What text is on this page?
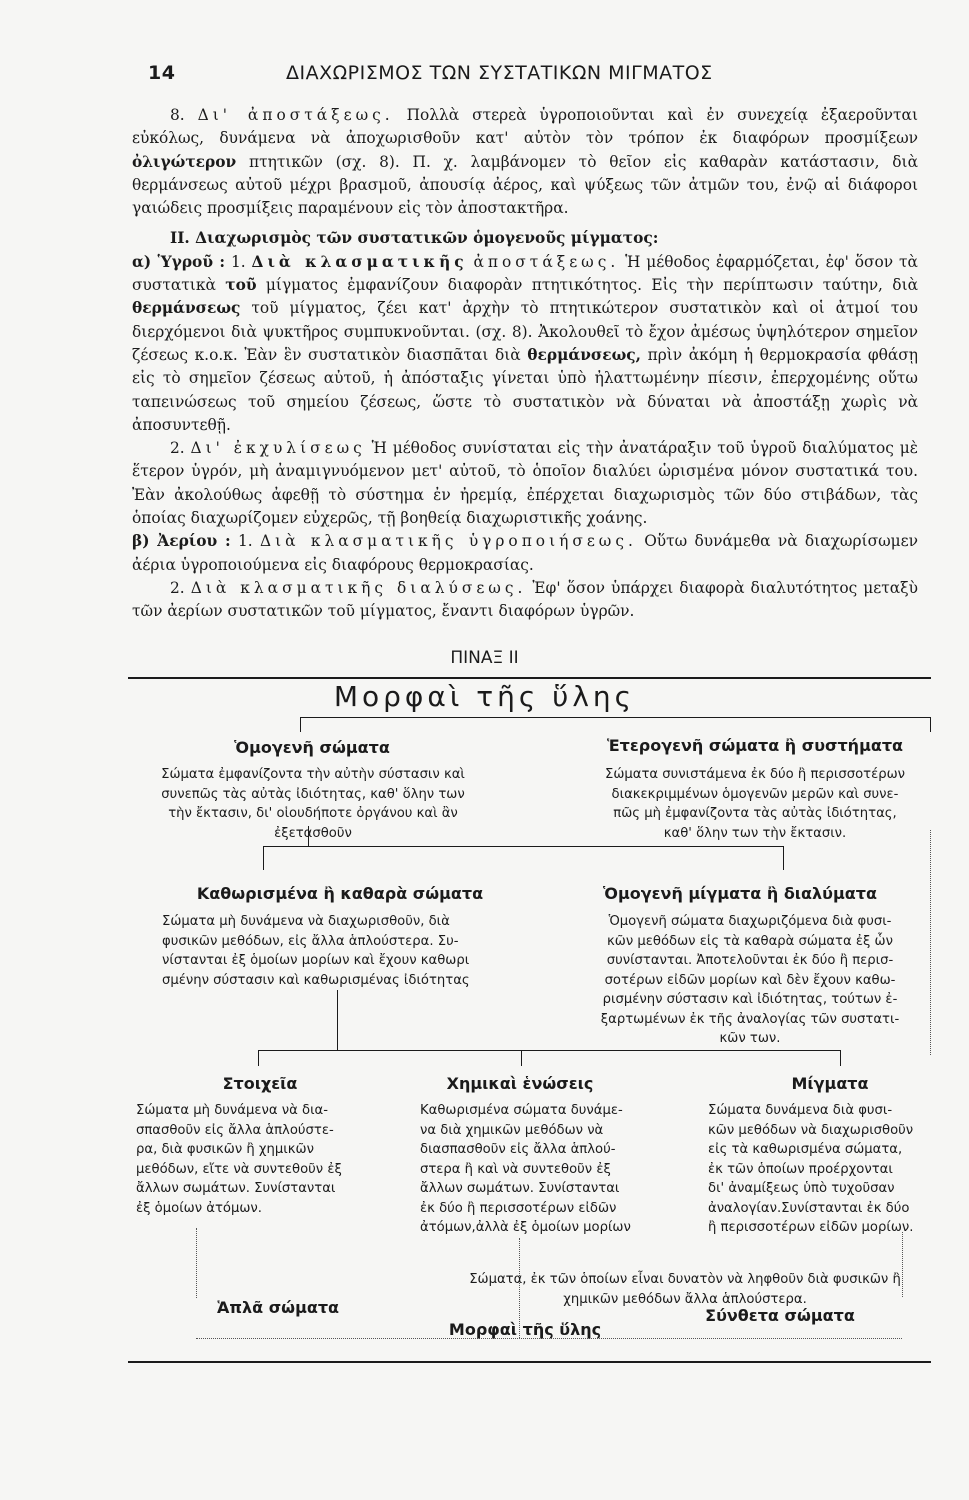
14	ΔΙΑΧΩΡΙΣΜΟΣ ΤΩΝ ΣΥΣΤΑΤΙΚΩΝ ΜΙΓΜΑΤΟΣ

8. Δι' ἀποστάξεως. Πολλὰ στερεὰ ὑγροποιοῦνται καὶ ἐν συνεχείᾳ ἐξαεροῦνται εὐκόλως, δυνάμενα νὰ ἀποχωρισθοῦν κατ' αὐτὸν τὸν τρόπον ἐκ διαφόρων προσμίξεων ὀλιγώτερον πτητικῶν (σχ. 8). Π. χ. λαμβάνομεν τὸ θεῖον εἰς καθαρὰν κατάστασιν, διὰ θερμάνσεως αὐτοῦ μέχρι βρασμοῦ, ἀπουσίᾳ ἀέρος, καὶ ψύξεως τῶν ἀτμῶν του, ἐνῷ αἱ διάφοροι γαιώδεις προσμίξεις παραμένουν εἰς τὸν ἀποστακτῆρα.

II. Διαχωρισμὸς τῶν συστατικῶν ὁμογενοῦς μίγματος:

α) Ὑγροῦ : 1. Διὰ κλασματικῆς ἀποστάξεως. Ἡ μέθοδος ἐφαρμόζεται, ἐφ' ὅσον τὰ συστατικὰ τοῦ μίγματος ἐμφανίζουν διαφορὰν πτητικότητος. Εἰς τὴν περίπτωσιν ταύτην, διὰ θερμάνσεως τοῦ μίγματος, ζέει κατ' ἀρχὴν τὸ πτητικώτερον συστατικὸν καὶ οἱ ἀτμοί του διερχόμενοι διὰ ψυκτῆρος συμπυκνοῦνται. (σχ. 8). Ἀκολουθεῖ τὸ ἔχον ἀμέσως ὑψηλότερον σημεῖον ζέσεως κ.ο.κ. Ἐὰν ἓν συστατικὸν διασπᾶται διὰ θερμάνσεως, πρὶν ἀκόμη ἡ θερμοκρασία φθάσῃ εἰς τὸ σημεῖον ζέσεως αὐτοῦ, ἡ ἀπόσταξις γίνεται ὑπὸ ἠλαττωμένην πίεσιν, ἐπερχομένης οὕτω ταπεινώσεως τοῦ σημείου ζέσεως, ὥστε τὸ συστατικὸν νὰ δύναται νὰ ἀποστάξῃ χωρὶς νὰ ἀποσυντεθῇ.

2. Δι' ἐκχυλίσεως Ἡ μέθοδος συνίσταται εἰς τὴν ἀνατάραξιν τοῦ ὑγροῦ διαλύματος μὲ ἕτερον ὑγρόν, μὴ ἀναμιγνυόμενον μετ' αὐτοῦ, τὸ ὁποῖον διαλύει ὡρισμένα μόνον συστατικά του. Ἐὰν ἀκολούθως ἀφεθῇ τὸ σύστημα ἐν ἠρεμίᾳ, ἐπέρχεται διαχωρισμὸς τῶν δύο στιβάδων, τὰς ὁποίας διαχωρίζομεν εὐχερῶς, τῇ βοηθείᾳ διαχωριστικῆς χοάνης.

β) Ἀερίου : 1. Διὰ κλασματικῆς ὑγροποιήσεως. Οὕτω δυνάμεθα νὰ διαχωρίσωμεν ἀέρια ὑγροποιούμενα εἰς διαφόρους θερμοκρασίας.

2. Διὰ κλασματικῆς διαλύσεως. Ἐφ' ὅσον ὑπάρχει διαφορὰ διαλυτότητος μεταξὺ τῶν ἀερίων συστατικῶν τοῦ μίγματος, ἔναντι διαφόρων ὑγρῶν.

ΠΙΝΑΞ II
Μορφαὶ τῆς ὕλης
Ὁμογενῆ σώματα
Σώματα ἐμφανίζοντα τὴν αὐτὴν σύστασιν καὶ
συνεπῶς τὰς αὐτὰς ἰδιότητας, καθ' ὅλην των
τὴν ἔκτασιν, δι' οἱουδήποτε ὀργάνου καὶ ἂν
ἐξετασθοῦν
Ἑτερογενῆ σώματα ἢ συστήματα
Σώματα συνιστάμενα ἐκ δύο ἢ περισσοτέρων
διακεκριμμένων ὁμογενῶν μερῶν καὶ συνε-
πῶς μὴ ἐμφανίζοντα τὰς αὐτὰς ἰδιότητας,
καθ' ὅλην των τὴν ἔκτασιν.
Καθωρισμένα ἢ καθαρὰ σώματα
Σώματα μὴ δυνάμενα νὰ διαχωρισθοῦν, διὰ
φυσικῶν μεθόδων, εἰς ἄλλα ἁπλούστερα. Συ-
νίστανται ἐξ ὁμοίων μορίων καὶ ἔχουν καθωρι
σμένην σύστασιν καὶ καθωρισμένας ἰδιότητας
Ὁμογενῆ μίγματα ἢ διαλύματα
Ὁμογενῆ σώματα διαχωριζόμενα διὰ φυσι-
κῶν μεθόδων εἰς τὰ καθαρὰ σώματα ἐξ ὧν
συνίστανται. Ἀποτελοῦνται ἐκ δύο ἢ περισ-
σοτέρων εἰδῶν μορίων καὶ δὲν ἔχουν καθω-
ρισμένην σύστασιν καὶ ἰδιότητας, τούτων ἐ-
ξαρτωμένων ἐκ τῆς ἀναλογίας τῶν συστατι-
κῶν των.
Στοιχεῖα
Σώματα μὴ δυνάμενα νὰ δια-
σπασθοῦν εἰς ἄλλα ἁπλούστε-
ρα, διὰ φυσικῶν ἢ χημικῶν
μεθόδων, εἴτε νὰ συντεθοῦν ἐξ
ἄλλων σωμάτων. Συνίστανται
ἐξ ὁμοίων ἀτόμων.
Χημικαὶ ἑνώσεις
Καθωρισμένα σώματα δυνάμε-
να διὰ χημικῶν μεθόδων νὰ
διασπασθοῦν εἰς ἄλλα ἁπλού-
στερα ἢ καὶ νὰ συντεθοῦν ἐξ
ἄλλων σωμάτων. Συνίστανται
ἐκ δύο ἢ περισσοτέρων εἰδῶν
ἀτόμων,ἀλλὰ ἐξ ὁμοίων μορίων
Μίγματα
Σώματα δυνάμενα διὰ φυσι-
κῶν μεθόδων νὰ διαχωρισθοῦν
εἰς τὰ καθωρισμένα σώματα,
ἐκ τῶν ὁποίων προέρχονται
δι' ἀναμίξεως ὑπὸ τυχοῦσαν
ἀναλογίαν.Συνίστανται ἐκ δύο
ἢ περισσοτέρων εἰδῶν μορίων.
Σώματα, ἐκ τῶν ὁποίων εἶναι δυνατὸν νὰ ληφθοῦν διὰ φυσικῶν ἢ
χημικῶν μεθόδων ἄλλα ἁπλούστερα.
Ἁπλᾶ σώματα	Σύνθετα σώματα
Μορφαὶ τῆς ὕλης
